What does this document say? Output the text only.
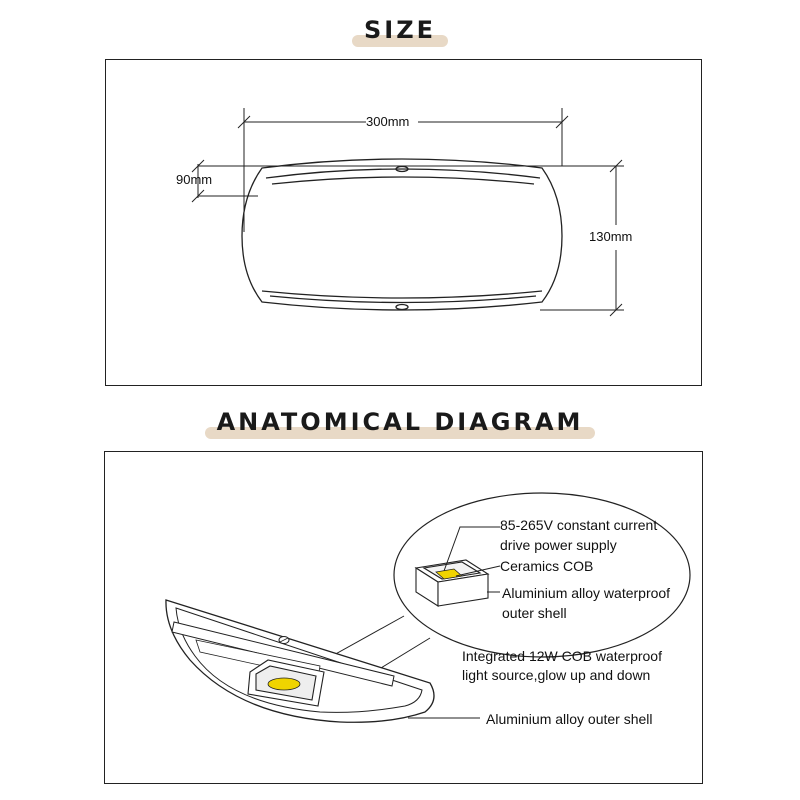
SIZE
ANATOMICAL DIAGRAM
300mm
90mm
130mm
85-265V constant current
drive power supply
Ceramics COB
Aluminium alloy waterproof
outer shell
Integrated 12W COB waterproof
light source,glow up and down
Aluminium alloy outer shell
